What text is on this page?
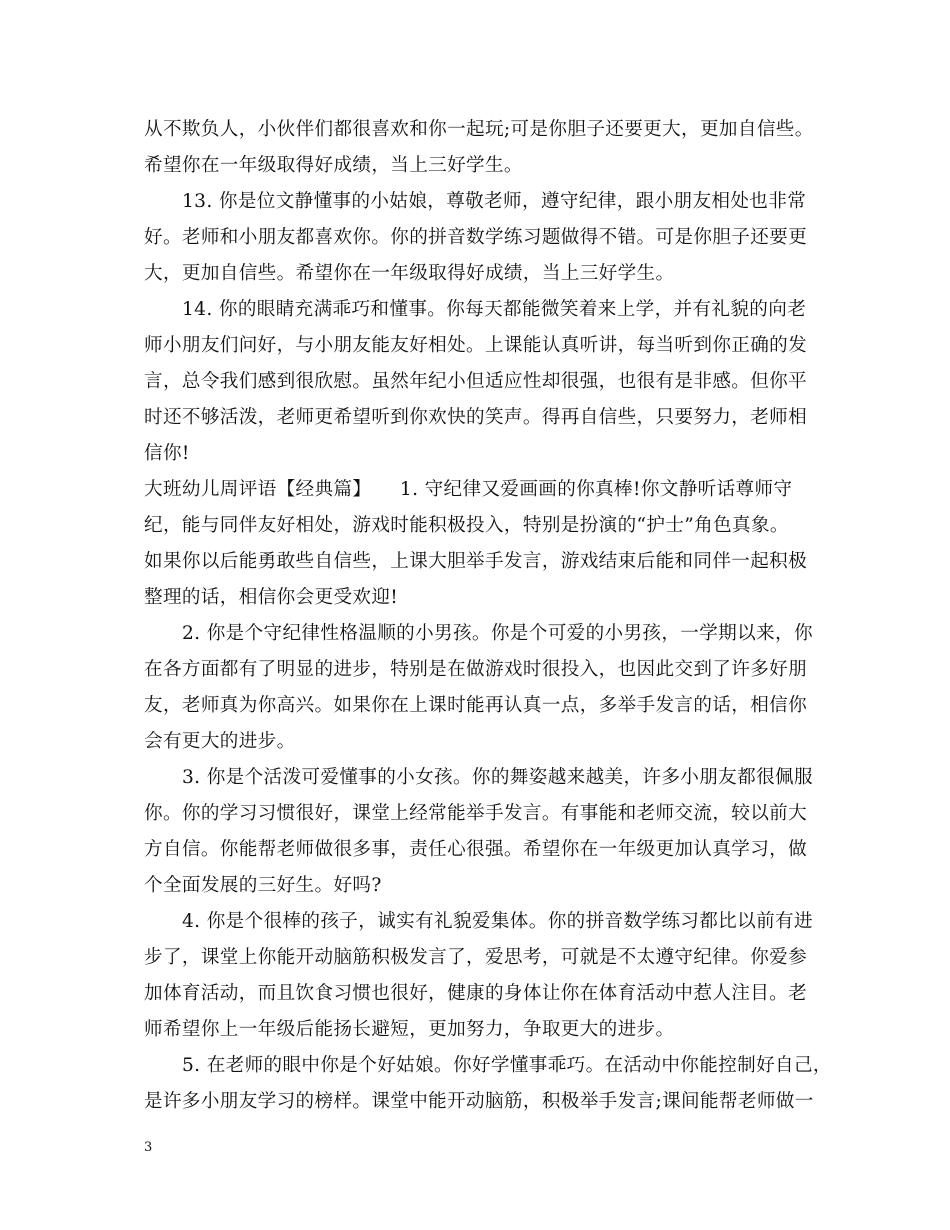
从不欺负人，小伙伴们都很喜欢和你一起玩;可是你胆子还要更大，更加自信些。
希望你在一年级取得好成绩，当上三好学生。
13. 你是位文静懂事的小姑娘，尊敬老师，遵守纪律，跟小朋友相处也非常
好。老师和小朋友都喜欢你。你的拼音数学练习题做得不错。可是你胆子还要更
大，更加自信些。希望你在一年级取得好成绩，当上三好学生。
14. 你的眼睛充满乖巧和懂事。你每天都能微笑着来上学，并有礼貌的向老
师小朋友们问好，与小朋友能友好相处。上课能认真听讲，每当听到你正确的发
言，总令我们感到很欣慰。虽然年纪小但适应性却很强，也很有是非感。但你平
时还不够活泼，老师更希望听到你欢快的笑声。得再自信些，只要努力，老师相
信你!
大班幼儿周评语【经典篇】　　1. 守纪律又爱画画的你真棒!你文静听话尊师守
纪，能与同伴友好相处，游戏时能积极投入，特别是扮演的“护士”角色真象。
如果你以后能勇敢些自信些，上课大胆举手发言，游戏结束后能和同伴一起积极
整理的话，相信你会更受欢迎!
2. 你是个守纪律性格温顺的小男孩。你是个可爱的小男孩，一学期以来，你
在各方面都有了明显的进步，特别是在做游戏时很投入，也因此交到了许多好朋
友，老师真为你高兴。如果你在上课时能再认真一点，多举手发言的话，相信你
会有更大的进步。
3. 你是个活泼可爱懂事的小女孩。你的舞姿越来越美，许多小朋友都很佩服
你。你的学习习惯很好，课堂上经常能举手发言。有事能和老师交流，较以前大
方自信。你能帮老师做很多事，责任心很强。希望你在一年级更加认真学习，做
个全面发展的三好生。好吗?
4. 你是个很棒的孩子，诚实有礼貌爱集体。你的拼音数学练习都比以前有进
步了，课堂上你能开动脑筋积极发言了，爱思考，可就是不太遵守纪律。你爱参
加体育活动，而且饮食习惯也很好，健康的身体让你在体育活动中惹人注目。老
师希望你上一年级后能扬长避短，更加努力，争取更大的进步。
5. 在老师的眼中你是个好姑娘。你好学懂事乖巧。在活动中你能控制好自己，
是许多小朋友学习的榜样。课堂中能开动脑筋，积极举手发言;课间能帮老师做一
3
